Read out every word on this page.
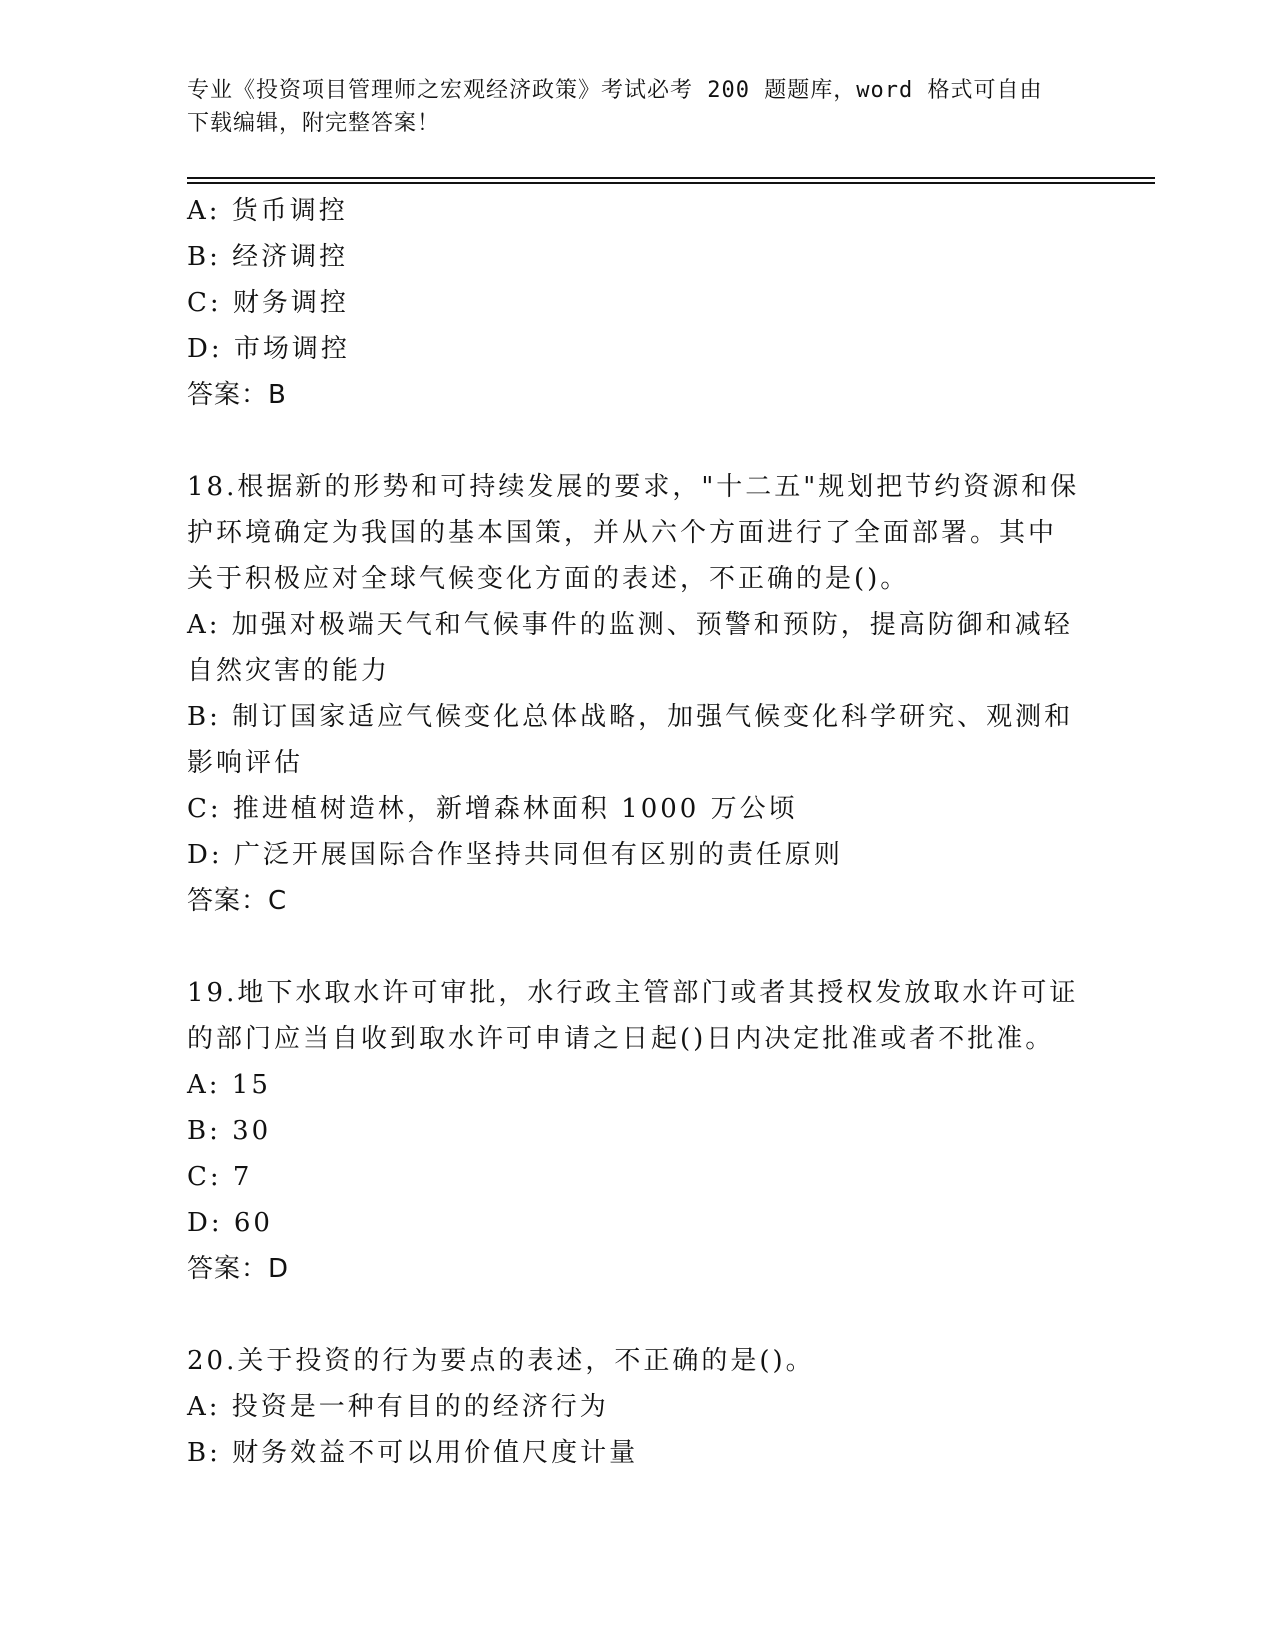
专业《投资项目管理师之宏观经济政策》考试必考 200 题题库，word 格式可自由
下载编辑，附完整答案！
A: 货币调控
B: 经济调控
C: 财务调控
D: 市场调控
答案：B
18.根据新的形势和可持续发展的要求，"十二五"规划把节约资源和保
护环境确定为我国的基本国策，并从六个方面进行了全面部署。其中
关于积极应对全球气候变化方面的表述，不正确的是()。
A: 加强对极端天气和气候事件的监测、预警和预防，提高防御和减轻
自然灾害的能力
B: 制订国家适应气候变化总体战略，加强气候变化科学研究、观测和
影响评估
C: 推进植树造林，新增森林面积 1000 万公顷
D: 广泛开展国际合作坚持共同但有区别的责任原则
答案：C
19.地下水取水许可审批，水行政主管部门或者其授权发放取水许可证
的部门应当自收到取水许可申请之日起()日内决定批准或者不批准。
A: 15
B: 30
C: 7
D: 60
答案：D
20.关于投资的行为要点的表述，不正确的是()。
A: 投资是一种有目的的经济行为
B: 财务效益不可以用价值尺度计量
